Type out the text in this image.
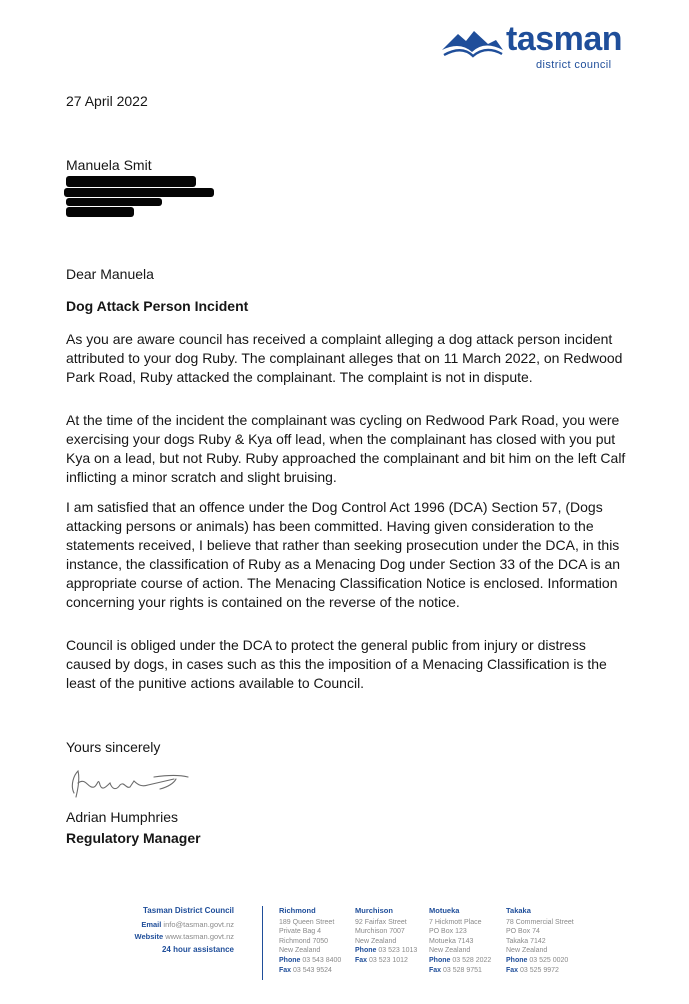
tasman
district council
27 April 2022
Manuela Smit
Dear Manuela
Dog Attack Person Incident

As you are aware council has received a complaint alleging a dog attack person incident attributed to your dog Ruby. The complainant alleges that on 11 March 2022, on Redwood Park Road, Ruby attacked the complainant. The complaint is not in dispute.

At the time of the incident the complainant was cycling on Redwood Park Road, you were exercising your dogs Ruby & Kya off lead, when the complainant has closed with you put Kya on a lead, but not Ruby. Ruby approached the complainant and bit him on the left Calf inflicting a minor scratch and slight bruising.

I am satisfied that an offence under the Dog Control Act 1996 (DCA) Section 57, (Dogs attacking persons or animals) has been committed. Having given consideration to the statements received, I believe that rather than seeking prosecution under the DCA, in this instance, the classification of Ruby as a Menacing Dog under Section 33 of the DCA is an appropriate course of action. The Menacing Classification Notice is enclosed. Information concerning your rights is contained on the reverse of the notice.

Council is obliged under the DCA to protect the general public from injury or distress caused by dogs, in cases such as this the imposition of a Menacing Classification is the least of the punitive actions available to Council.

Yours sincerely
Adrian Humphries
Regulatory Manager
Tasman District Council
Email info@tasman.govt.nz
Website www.tasman.govt.nz
24 hour assistance
Richmond
189 Queen Street
Private Bag 4
Richmond 7050
New Zealand
Phone 03 543 8400
Fax 03 543 9524
Murchison
92 Fairfax Street
Murchison 7007
New Zealand
Phone 03 523 1013
Fax 03 523 1012
Motueka
7 Hickmott Place
PO Box 123
Motueka 7143
New Zealand
Phone 03 528 2022
Fax 03 528 9751
Takaka
78 Commercial Street
PO Box 74
Takaka 7142
New Zealand
Phone 03 525 0020
Fax 03 525 9972
